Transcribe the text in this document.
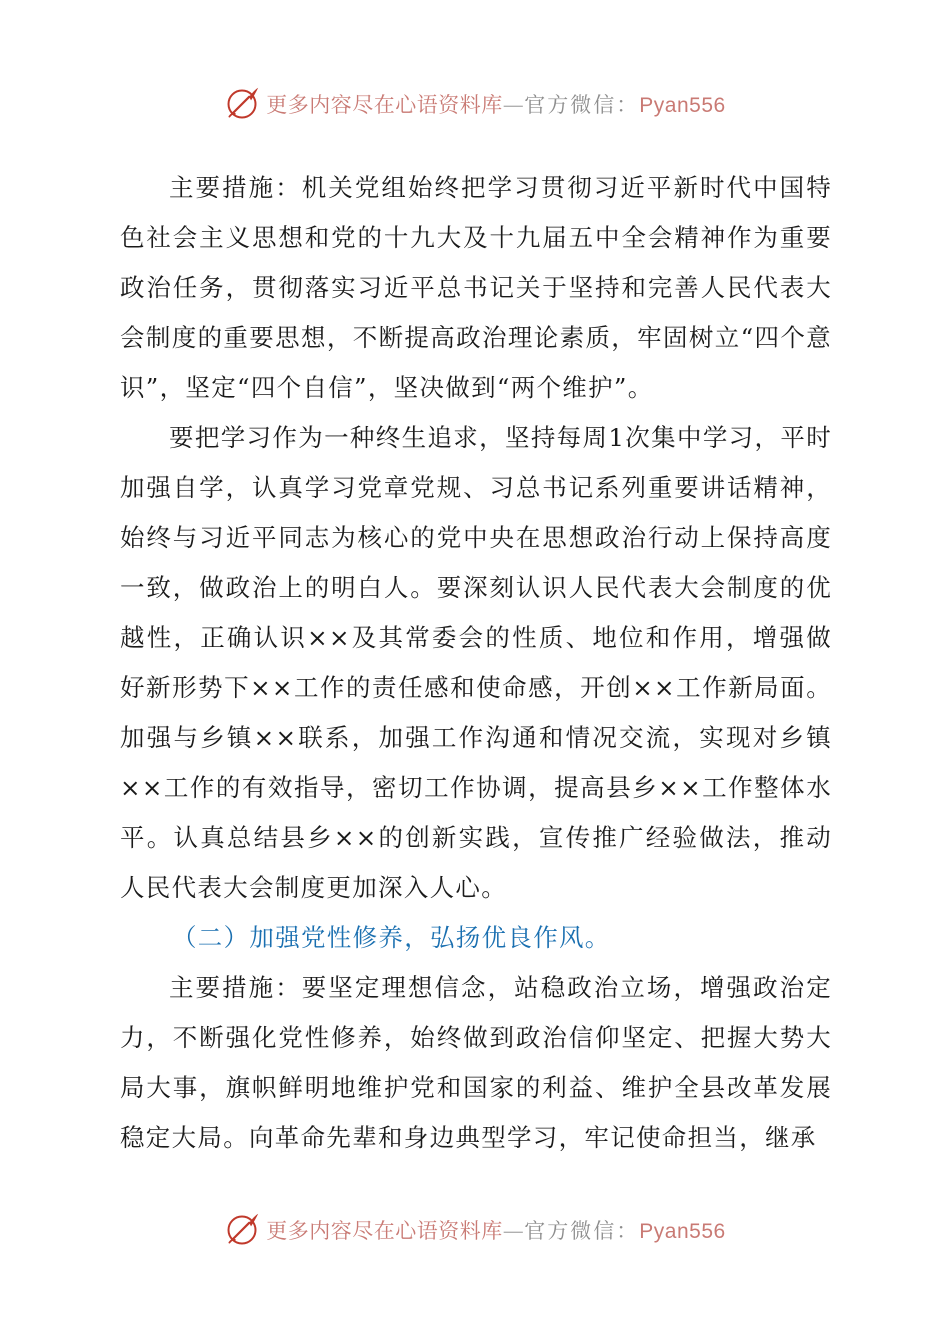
更多内容尽在心语资料库—官方微信：Pyan556

主要措施：机关党组始终把学习贯彻习近平新时代中国特色社会主义思想和党的十九大及十九届五中全会精神作为重要政治任务，贯彻落实习近平总书记关于坚持和完善人民代表大会制度的重要思想，不断提高政治理论素质，牢固树立“四个意识”，坚定“四个自信”，坚决做到“两个维护”。

要把学习作为一种终生追求，坚持每周1次集中学习，平时加强自学，认真学习党章党规、习总书记系列重要讲话精神，始终与习近平同志为核心的党中央在思想政治行动上保持高度一致，做政治上的明白人。要深刻认识人民代表大会制度的优越性，正确认识××及其常委会的性质、地位和作用，增强做好新形势下××工作的责任感和使命感，开创××工作新局面。加强与乡镇××联系，加强工作沟通和情况交流，实现对乡镇××工作的有效指导，密切工作协调，提高县乡××工作整体水平。认真总结县乡××的创新实践，宣传推广经验做法，推动人民代表大会制度更加深入人心。

（二）加强党性修养，弘扬优良作风。

主要措施：要坚定理想信念，站稳政治立场，增强政治定力，不断强化党性修养，始终做到政治信仰坚定、把握大势大局大事，旗帜鲜明地维护党和国家的利益、维护全县改革发展稳定大局。向革命先辈和身边典型学习，牢记使命担当，继承

更多内容尽在心语资料库—官方微信：Pyan556
